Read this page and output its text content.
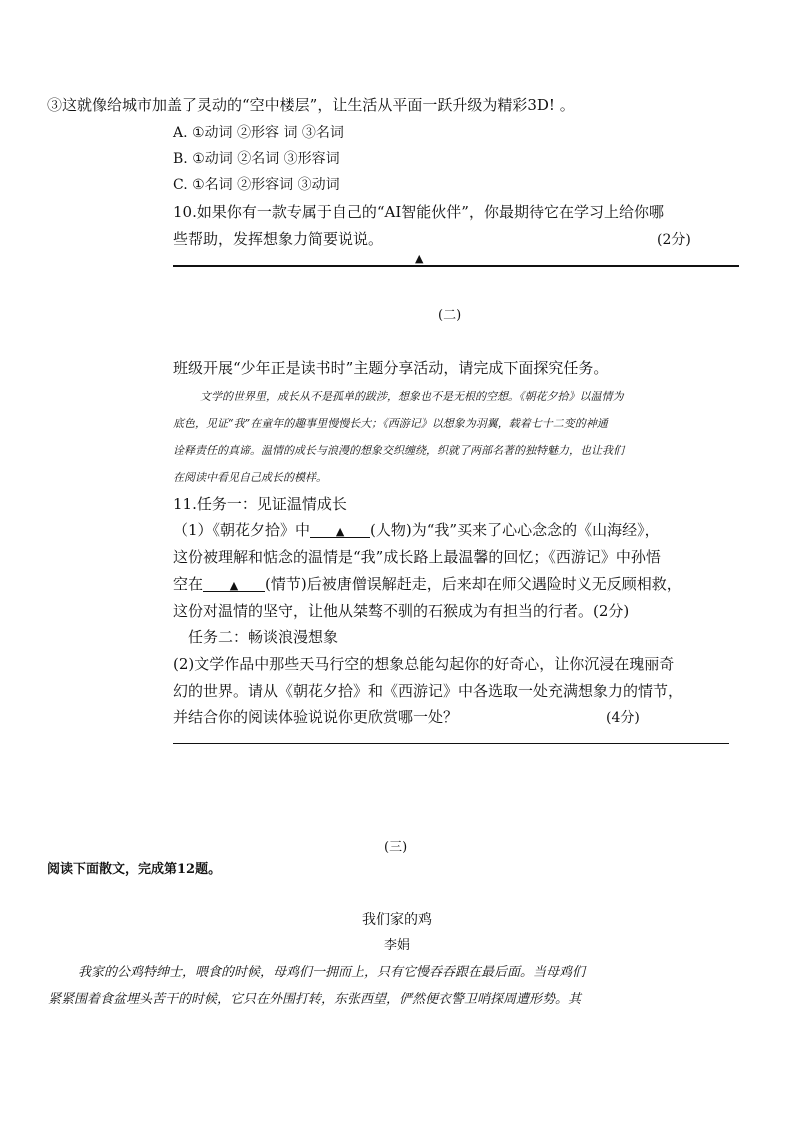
③这就像给城市加盖了灵动的“空中楼层”，让生活从平面一跃升级为精彩3D! 。
A. ①动词 ②形容 词 ③名词
B. ①动词 ②名词 ③形容词
C. ①名词 ②形容词 ③动词
10.如果你有一款专属于自己的“AI智能伙伴”，你最期待它在学习上给你哪
些帮助，发挥想象力简要说说。	(2分)
▲
(二)
班级开展“少年正是读书时”主题分享活动，请完成下面探究任务。
文学的世界里，成长从不是孤单的跋涉，想象也不是无根的空想。《朝花夕拾》以温情为
底色，见证“我”在童年的趣事里慢慢长大；《西游记》以想象为羽翼，载着七十二变的神通
诠释责任的真谛。温情的成长与浪漫的想象交织缠绕，织就了两部名著的独特魅力，也让我们
在阅读中看见自己成长的模样。
11.任务一：见证温情成长
（1）《朝花夕拾》中 ▲ (人物)为“我”买来了心心念念的《山海经》，
这份被理解和惦念的温情是“我”成长路上最温馨的回忆；《西游记》中孙悟
空在 ▲ (情节)后被唐僧误解赶走，后来却在师父遇险时义无反顾相救，
这份对温情的坚守，让他从桀骜不驯的石猴成为有担当的行者。(2分)
任务二：畅谈浪漫想象
(2)文学作品中那些天马行空的想象总能勾起你的好奇心，让你沉浸在瑰丽奇
幻的世界。请从《朝花夕拾》和《西游记》中各选取一处充满想象力的情节，
并结合你的阅读体验说说你更欣赏哪一处？	(4分)
(三)
阅读下面散文，完成第12题。
我们家的鸡
李娟
我家的公鸡特绅士，喂食的时候，母鸡们一拥而上，只有它慢吞吞跟在最后面。当母鸡们
紧紧围着食盆埋头苦干的时候，它只在外围打转，东张西望，俨然便衣警卫哨探周遭形势。其
